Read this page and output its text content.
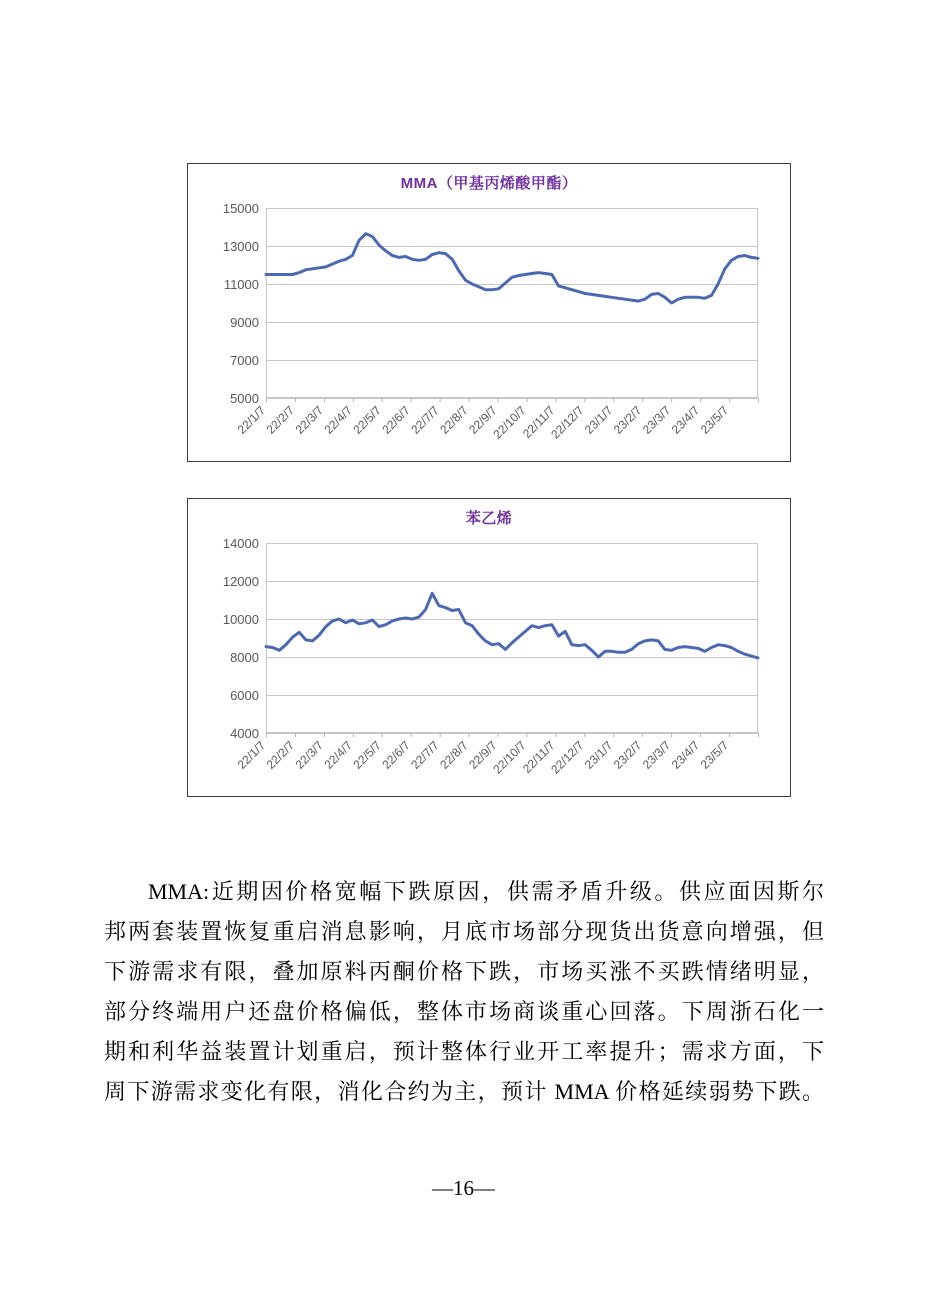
MMA（甲基丙烯酸甲酯）
5000
7000
9000
11000
13000
15000
22/1/7
22/2/7
22/3/7
22/4/7
22/5/7
22/6/7
22/7/7
22/8/7
22/9/7
22/10/7
22/11/7
22/12/7
23/1/7
23/2/7
23/3/7
23/4/7
23/5/7
苯乙烯
4000
6000
8000
10000
12000
14000
22/1/7
22/2/7
22/3/7
22/4/7
22/5/7
22/6/7
22/7/7
22/8/7
22/9/7
22/10/7
22/11/7
22/12/7
23/1/7
23/2/7
23/3/7
23/4/7
23/5/7
MMA:近期因价格宽幅下跌原因，供需矛盾升级。供应面因斯尔
邦两套装置恢复重启消息影响，月底市场部分现货出货意向增强，但
下游需求有限，叠加原料丙酮价格下跌，市场买涨不买跌情绪明显，
部分终端用户还盘价格偏低，整体市场商谈重心回落。下周浙石化一
期和利华益装置计划重启，预计整体行业开工率提升；需求方面，下
周下游需求变化有限，消化合约为主，预计 MMA 价格延续弱势下跌。
—16—
